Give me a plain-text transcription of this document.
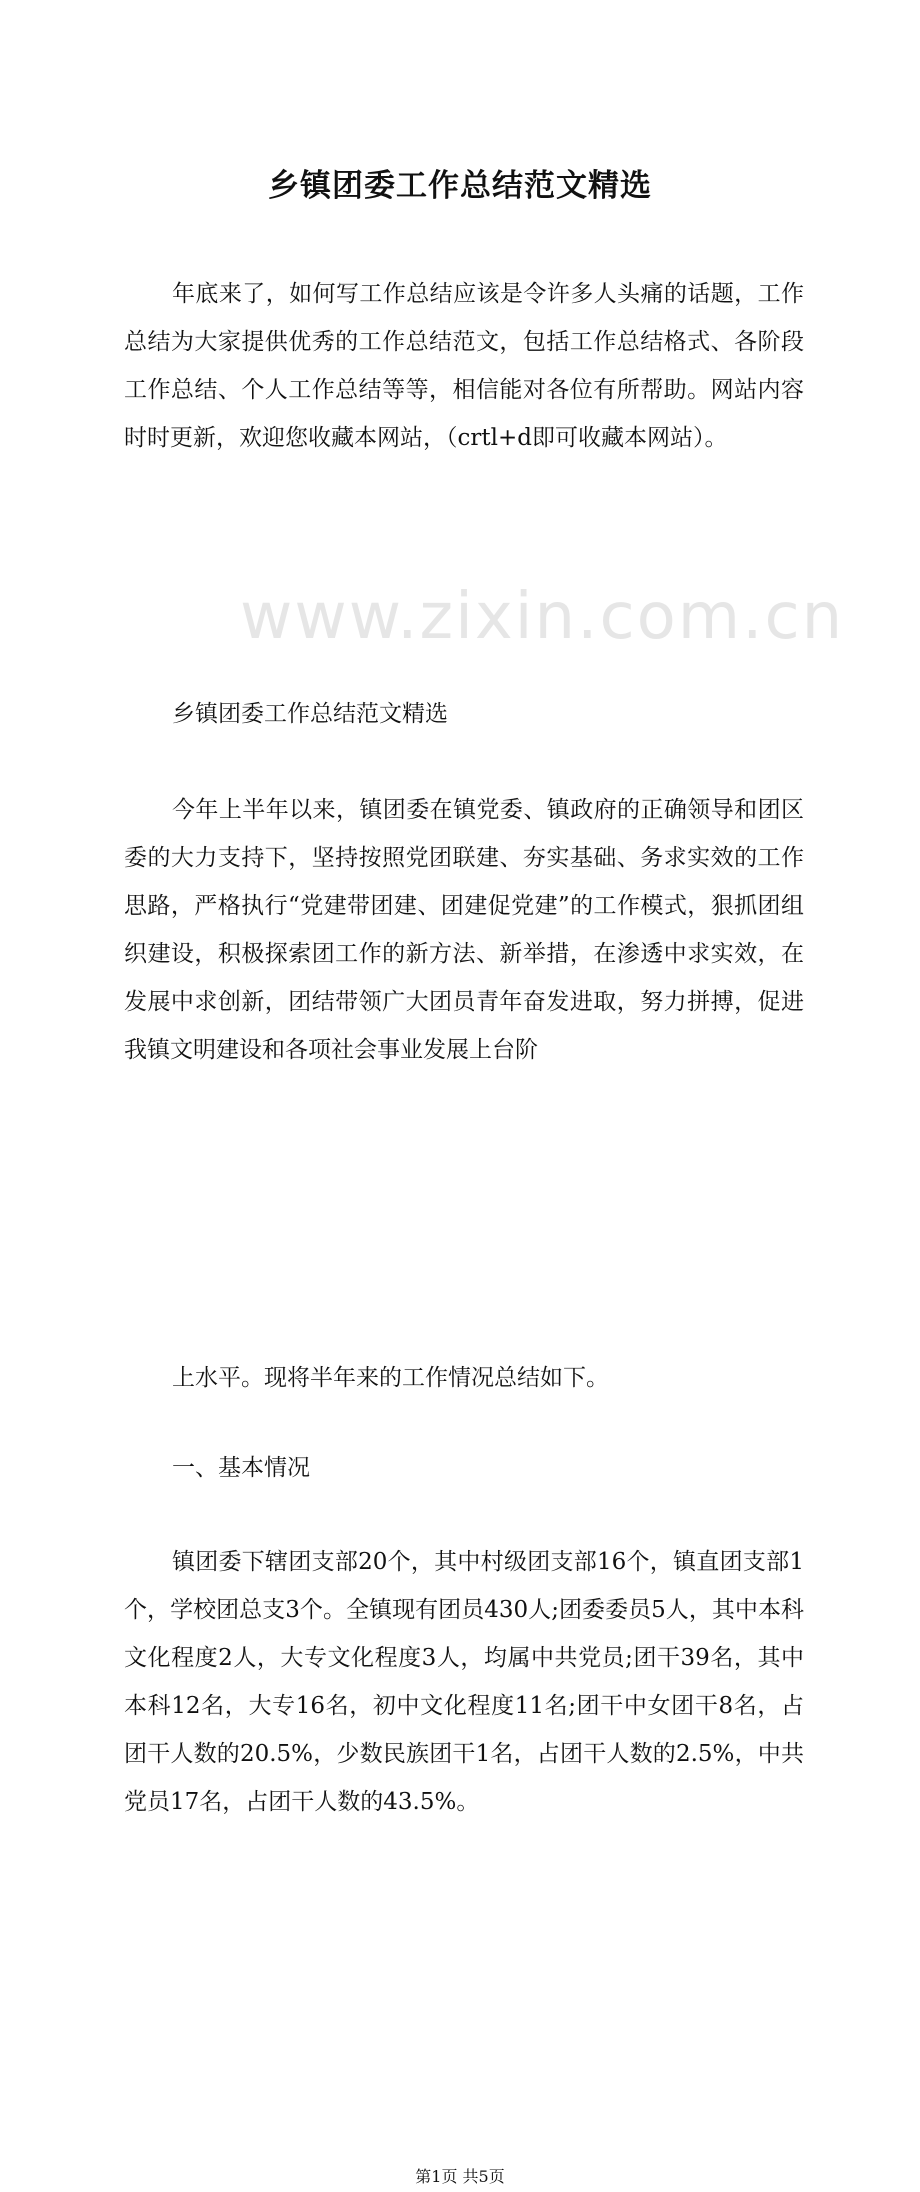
www.zixin.com.cn
乡镇团委工作总结范文精选
年底来了，如何写工作总结应该是令许多人头痛的话题，工作总结为大家提供优秀的工作总结范文，包括工作总结格式、各阶段工作总结、个人工作总结等等，相信能对各位有所帮助。网站内容时时更新，欢迎您收藏本网站，（crtl+d即可收藏本网站）。
乡镇团委工作总结范文精选
今年上半年以来，镇团委在镇党委、镇政府的正确领导和团区委的大力支持下，坚持按照党团联建、夯实基础、务求实效的工作思路，严格执行“党建带团建、团建促党建”的工作模式，狠抓团组织建设，积极探索团工作的新方法、新举措，在渗透中求实效，在发展中求创新，团结带领广大团员青年奋发进取，努力拼搏，促进我镇文明建设和各项社会事业发展上台阶
上水平。现将半年来的工作情况总结如下。
一、基本情况
镇团委下辖团支部20个，其中村级团支部16个，镇直团支部1个，学校团总支3个。全镇现有团员430人;团委委员5人，其中本科文化程度2人，大专文化程度3人，均属中共党员;团干39名，其中本科12名，大专16名，初中文化程度11名;团干中女团干8名，占团干人数的20.5%，少数民族团干1名，占团干人数的2.5%，中共党员17名，占团干人数的43.5%。
第1页 共5页
